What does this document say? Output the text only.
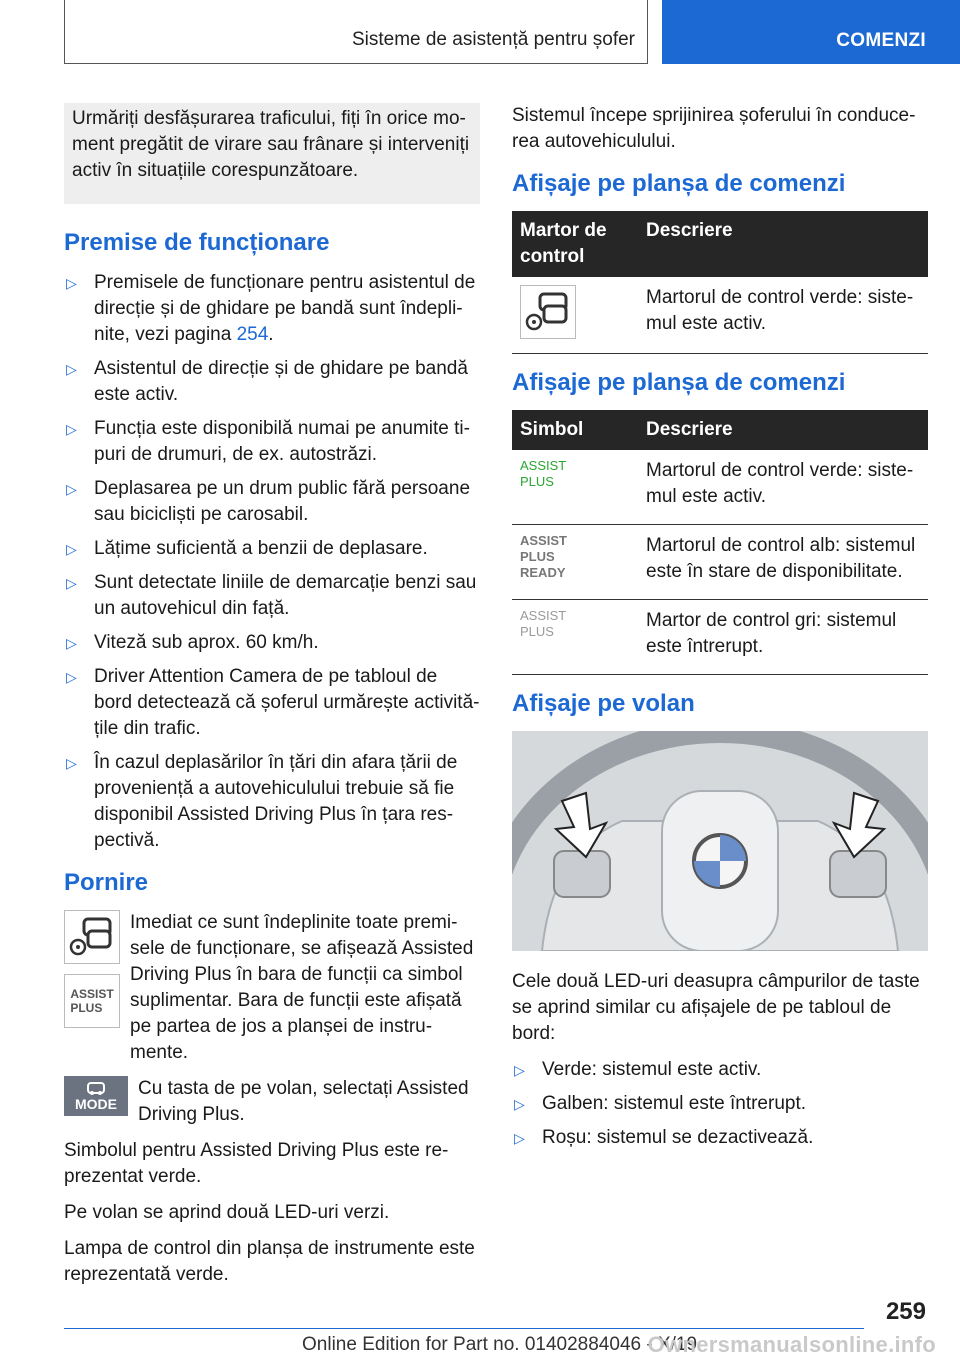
Sisteme de asistență pentru șofer	COMENZI

Urmăriți desfășurarea traficului, fiți în orice mo-ment pregătit de virare sau frânare și interveniți activ în situațiile corespunzătoare.

Premise de funcționare
▷ Premisele de funcționare pentru asistentul de direcție și de ghidare pe bandă sunt îndepli-nite, vezi pagina 254.
▷ Asistentul de direcție și de ghidare pe bandă este activ.
▷ Funcția este disponibilă numai pe anumite ti-puri de drumuri, de ex. autostrăzi.
▷ Deplasarea pe un drum public fără persoane sau bicicliști pe carosabil.
▷ Lățime suficientă a benzii de deplasare.
▷ Sunt detectate liniile de demarcație benzi sau un autovehicul din față.
▷ Viteză sub aprox. 60 km/h.
▷ Driver Attention Camera de pe tabloul de bord detectează că șoferul urmărește activită-țile din trafic.
▷ În cazul deplasărilor în țări din afara țării de proveniență a autovehiculului trebuie să fie disponibil Assisted Driving Plus în țara res-pectivă.
Pornire
ASSIST
PLUS

Imediat ce sunt îndeplinite toate premi-sele de funcționare, se afișează Assisted Driving Plus în bara de funcții ca simbol suplimentar. Bara de funcții este afișată pe partea de jos a planșei de instru-mente.

MODE

Cu tasta de pe volan, selectați Assisted Driving Plus.

Simbolul pentru Assisted Driving Plus este re-prezentat verde.

Pe volan se aprind două LED-uri verzi.

Lampa de control din planșa de instrumente este reprezentată verde.

Sistemul începe sprijinirea șoferului în conduce-rea autovehiculului.

Afișaje pe planșa de comenzi
Martor de control	Descriere

	Martorul de control verde: siste-mul este activ.
Afișaje pe planșa de comenzi
Simbol	Descriere

ASSIST
PLUS	Martorul de control verde: siste-mul este activ.

ASSIST
PLUS
READY	Martorul de control alb: sistemul este în stare de disponibilitate.

ASSIST
PLUS	Martor de control gri: sistemul este întrerupt.
Afișaje pe volan

Cele două LED-uri deasupra câmpurilor de taste se aprind similar cu afișajele de pe tabloul de bord:

▷ Verde: sistemul este activ.
▷ Galben: sistemul este întrerupt.
▷ Roșu: sistemul se dezactivează.
259
Online Edition for Part no. 01402884046 - X/19
Ownersmanualsonline.info
